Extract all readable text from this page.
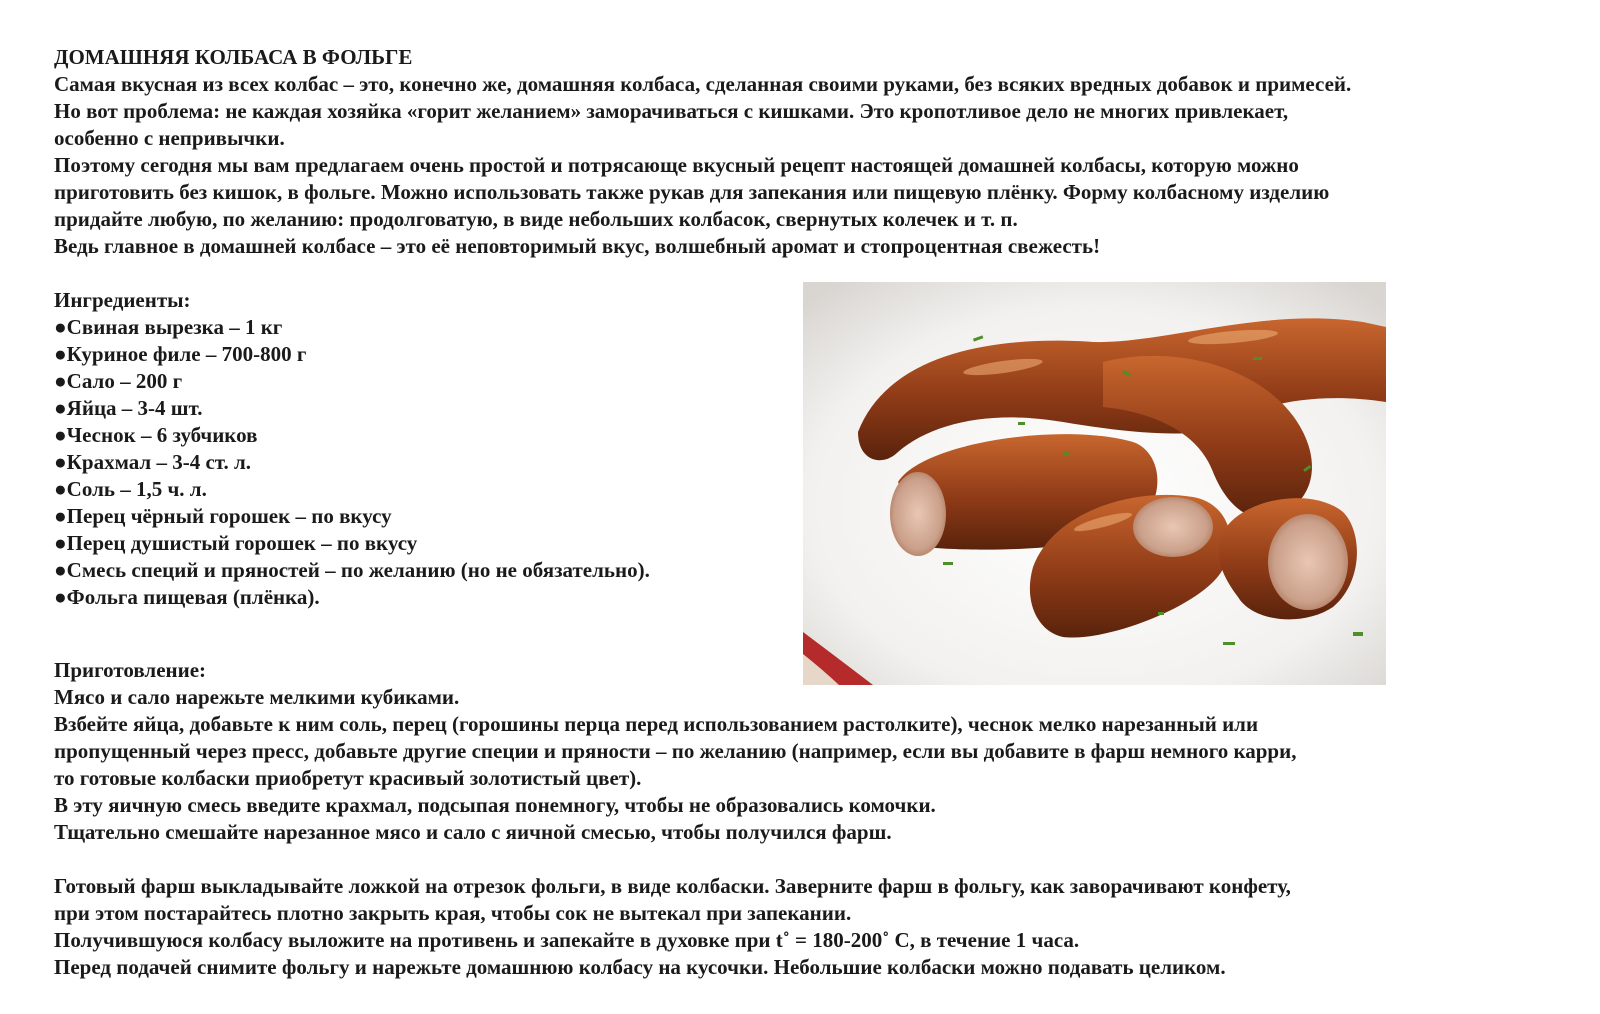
ДОМАШНЯЯ КОЛБАСА В ФОЛЬГЕ
Самая вкусная из всех колбас – это, конечно же, домашняя колбаса, сделанная своими руками, без всяких вредных добавок и примесей.
Но вот проблема: не каждая хозяйка «горит желанием» заморачиваться с кишками. Это кропотливое дело не многих привлекает,
особенно с непривычки.
Поэтому сегодня мы вам предлагаем очень простой и потрясающе вкусный рецепт настоящей домашней колбасы, которую можно
приготовить без кишок, в фольге. Можно использовать также рукав для запекания или пищевую плёнку. Форму колбасному изделию
придайте любую, по желанию: продолговатую, в виде небольших колбасок, свернутых колечек и т. п.
Ведь главное в домашней колбасе – это её неповторимый вкус, волшебный аромат и стопроцентная свежесть!
Ингредиенты:
●Свиная вырезка – 1 кг
●Куриное филе – 700-800 г
●Сало – 200 г
●Яйца – 3-4 шт.
●Чеснок – 6 зубчиков
●Крахмал – 3-4 ст. л.
●Соль – 1,5 ч. л.
●Перец чёрный горошек – по вкусу
●Перец душистый горошек – по вкусу
●Смесь специй и пряностей – по желанию (но не обязательно).
●Фольга пищевая (плёнка).
Приготовление:
Мясо и сало нарежьте мелкими кубиками.
Взбейте яйца, добавьте к ним соль, перец (горошины перца перед использованием растолките), чеснок мелко нарезанный или
пропущенный через пресс, добавьте другие специи и пряности – по желанию (например, если вы добавите в фарш немного карри,
то готовые колбаски приобретут красивый золотистый цвет).
В эту яичную смесь введите крахмал, подсыпая понемногу, чтобы не образовались комочки.
Тщательно смешайте нарезанное мясо и сало с яичной смесью, чтобы получился фарш.
Готовый фарш выкладывайте ложкой на отрезок фольги, в виде колбаски. Заверните фарш в фольгу, как заворачивают конфету,
при этом постарайтесь плотно закрыть края, чтобы сок не вытекал при запекании.
Получившуюся колбасу выложите на противень и запекайте в духовке при t˚ = 180-200˚ С, в течение 1 часа.
Перед подачей снимите фольгу и нарежьте домашнюю колбасу на кусочки. Небольшие колбаски можно подавать целиком.
